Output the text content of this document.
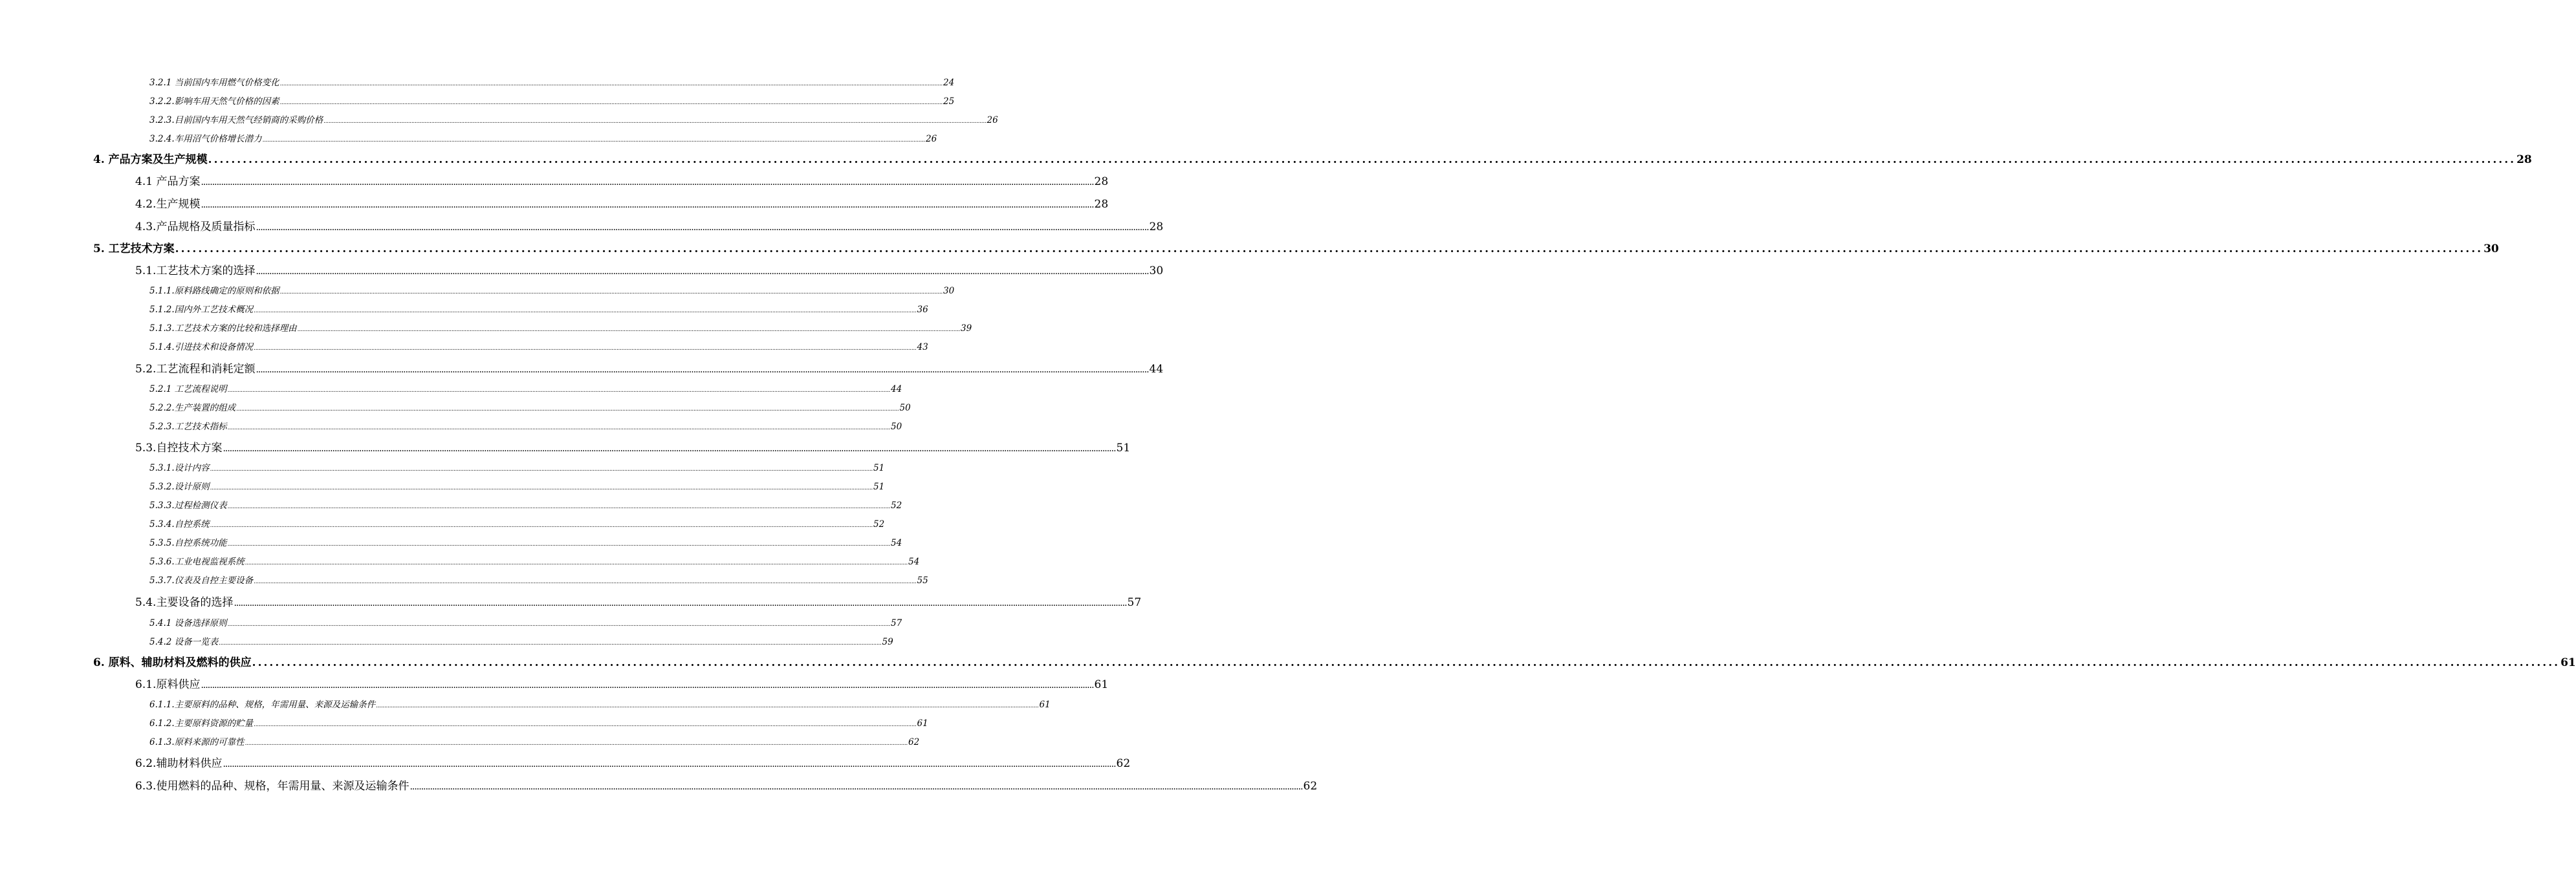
3.2.1 当前国内车用燃气价格变化 ................................................................................................................................................................................................................................................................................................................................................................................................................ 24
3.2.2.影响车用天然气价格的因素 ................................................................................................................................................................................................................................................................................................................................................................................................................ 25
3.2.3.目前国内车用天然气经销商的采购价格 ................................................................................................................................................................................................................................................................................................................................................................................................................ 26
3.2.4.车用沼气价格增长潜力 ................................................................................................................................................................................................................................................................................................................................................................................................................ 26
4. 产品方案及生产规模 ................................................................................................................................................................................................................................................................................................................................................................................................................ 28
4.1 产品方案 ................................................................................................................................................................................................................................................................................................................................................................................................................ 28
4.2.生产规模 ................................................................................................................................................................................................................................................................................................................................................................................................................ 28
4.3.产品规格及质量指标 ................................................................................................................................................................................................................................................................................................................................................................................................................ 28
5. 工艺技术方案 ................................................................................................................................................................................................................................................................................................................................................................................................................ 30
5.1.工艺技术方案的选择 ................................................................................................................................................................................................................................................................................................................................................................................................................ 30
5.1.1.原料路线确定的原则和依据 ................................................................................................................................................................................................................................................................................................................................................................................................................ 30
5.1.2.国内外工艺技术概况 ................................................................................................................................................................................................................................................................................................................................................................................................................ 36
5.1.3.工艺技术方案的比较和选择理由 ................................................................................................................................................................................................................................................................................................................................................................................................................ 39
5.1.4.引进技术和设备情况 ................................................................................................................................................................................................................................................................................................................................................................................................................ 43
5.2.工艺流程和消耗定额 ................................................................................................................................................................................................................................................................................................................................................................................................................ 44
5.2.1 工艺流程说明 ................................................................................................................................................................................................................................................................................................................................................................................................................ 44
5.2.2.生产装置的组成 ................................................................................................................................................................................................................................................................................................................................................................................................................ 50
5.2.3.工艺技术指标 ................................................................................................................................................................................................................................................................................................................................................................................................................ 50
5.3.自控技术方案 ................................................................................................................................................................................................................................................................................................................................................................................................................ 51
5.3.1.设计内容 ................................................................................................................................................................................................................................................................................................................................................................................................................ 51
5.3.2.设计原则 ................................................................................................................................................................................................................................................................................................................................................................................................................ 51
5.3.3.过程检测仪表 ................................................................................................................................................................................................................................................................................................................................................................................................................ 52
5.3.4.自控系统 ................................................................................................................................................................................................................................................................................................................................................................................................................ 52
5.3.5.自控系统功能 ................................................................................................................................................................................................................................................................................................................................................................................................................ 54
5.3.6.工业电视监视系统 ................................................................................................................................................................................................................................................................................................................................................................................................................ 54
5.3.7.仪表及自控主要设备 ................................................................................................................................................................................................................................................................................................................................................................................................................ 55
5.4.主要设备的选择 ................................................................................................................................................................................................................................................................................................................................................................................................................ 57
5.4.1 设备选择原则 ................................................................................................................................................................................................................................................................................................................................................................................................................ 57
5.4.2 设备一览表 ................................................................................................................................................................................................................................................................................................................................................................................................................ 59
6. 原料、辅助材料及燃料的供应 ................................................................................................................................................................................................................................................................................................................................................................................................................ 61
6.1.原料供应 ................................................................................................................................................................................................................................................................................................................................................................................................................ 61
6.1.1.主要原料的品种、规格，年需用量、来源及运输条件 ................................................................................................................................................................................................................................................................................................................................................................................................................ 61
6.1.2.主要原料资源的贮量 ................................................................................................................................................................................................................................................................................................................................................................................................................ 61
6.1.3.原料来源的可靠性 ................................................................................................................................................................................................................................................................................................................................................................................................................ 62
6.2.辅助材料供应 ................................................................................................................................................................................................................................................................................................................................................................................................................ 62
6.3.使用燃料的品种、规格，年需用量、来源及运输条件 ................................................................................................................................................................................................................................................................................................................................................................................................................ 62
